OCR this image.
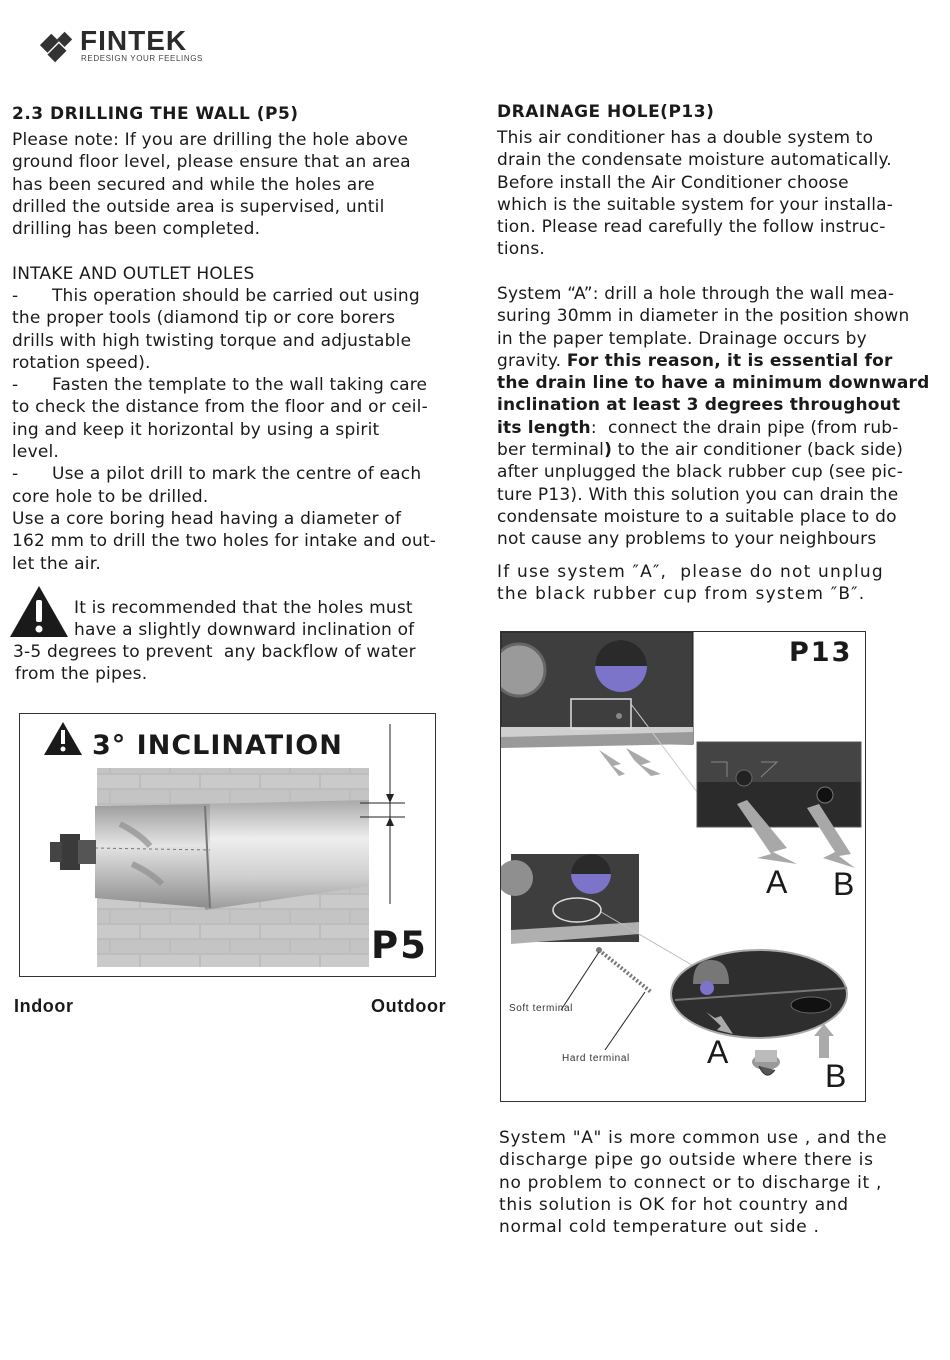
FINTEK
REDESIGN YOUR FEELINGS
2.3 DRILLING THE WALL (P5)
Please note: If you are drilling the hole above
ground floor level, please ensure that an area
has been secured and while the holes are
drilled the outside area is supervised, until
drilling has been completed.
INTAKE AND OUTLET HOLES
-      This operation should be carried out using
the proper tools (diamond tip or core borers
drills with high twisting torque and adjustable
rotation speed).
-      Fasten the template to the wall taking care
to check the distance from the floor and or ceil-
ing and keep it horizontal by using a spirit
level.
-      Use a pilot drill to mark the centre of each
core hole to be drilled.
Use a core boring head having a diameter of
162 mm to drill the two holes for intake and out-
let the air.
It is recommended that the holes must
have a slightly downward inclination of
3-5 degrees to prevent  any backflow of water
from the pipes.
3° INCLINATION
P5
Indoor	Outdoor
DRAINAGE HOLE(P13)
This air conditioner has a double system to
drain the condensate moisture automatically.
Before install the Air Conditioner choose
which is the suitable system for your installa-
tion. Please read carefully the follow instruc-
tions.
System “A”: drill a hole through the wall mea-
suring 30mm in diameter in the position shown
in the paper template. Drainage occurs by
gravity. For this reason, it is essential for
the drain line to have a minimum downward
inclination at least 3 degrees throughout
its length:  connect the drain pipe (from rub-
ber terminal) to the air conditioner (back side)
after unplugged the black rubber cup (see pic-
ture P13). With this solution you can drain the
condensate moisture to a suitable place to do
not cause any problems to your neighbours
If use system ″A″,  please do not unplug
the black rubber cup from system ″B″.
P13
A B
A
B
Soft terminal
Hard terminal
System "A" is more common use , and the
discharge pipe go outside where there is
no problem to connect or to discharge it ,
this solution is OK for hot country and
normal cold temperature out side .
